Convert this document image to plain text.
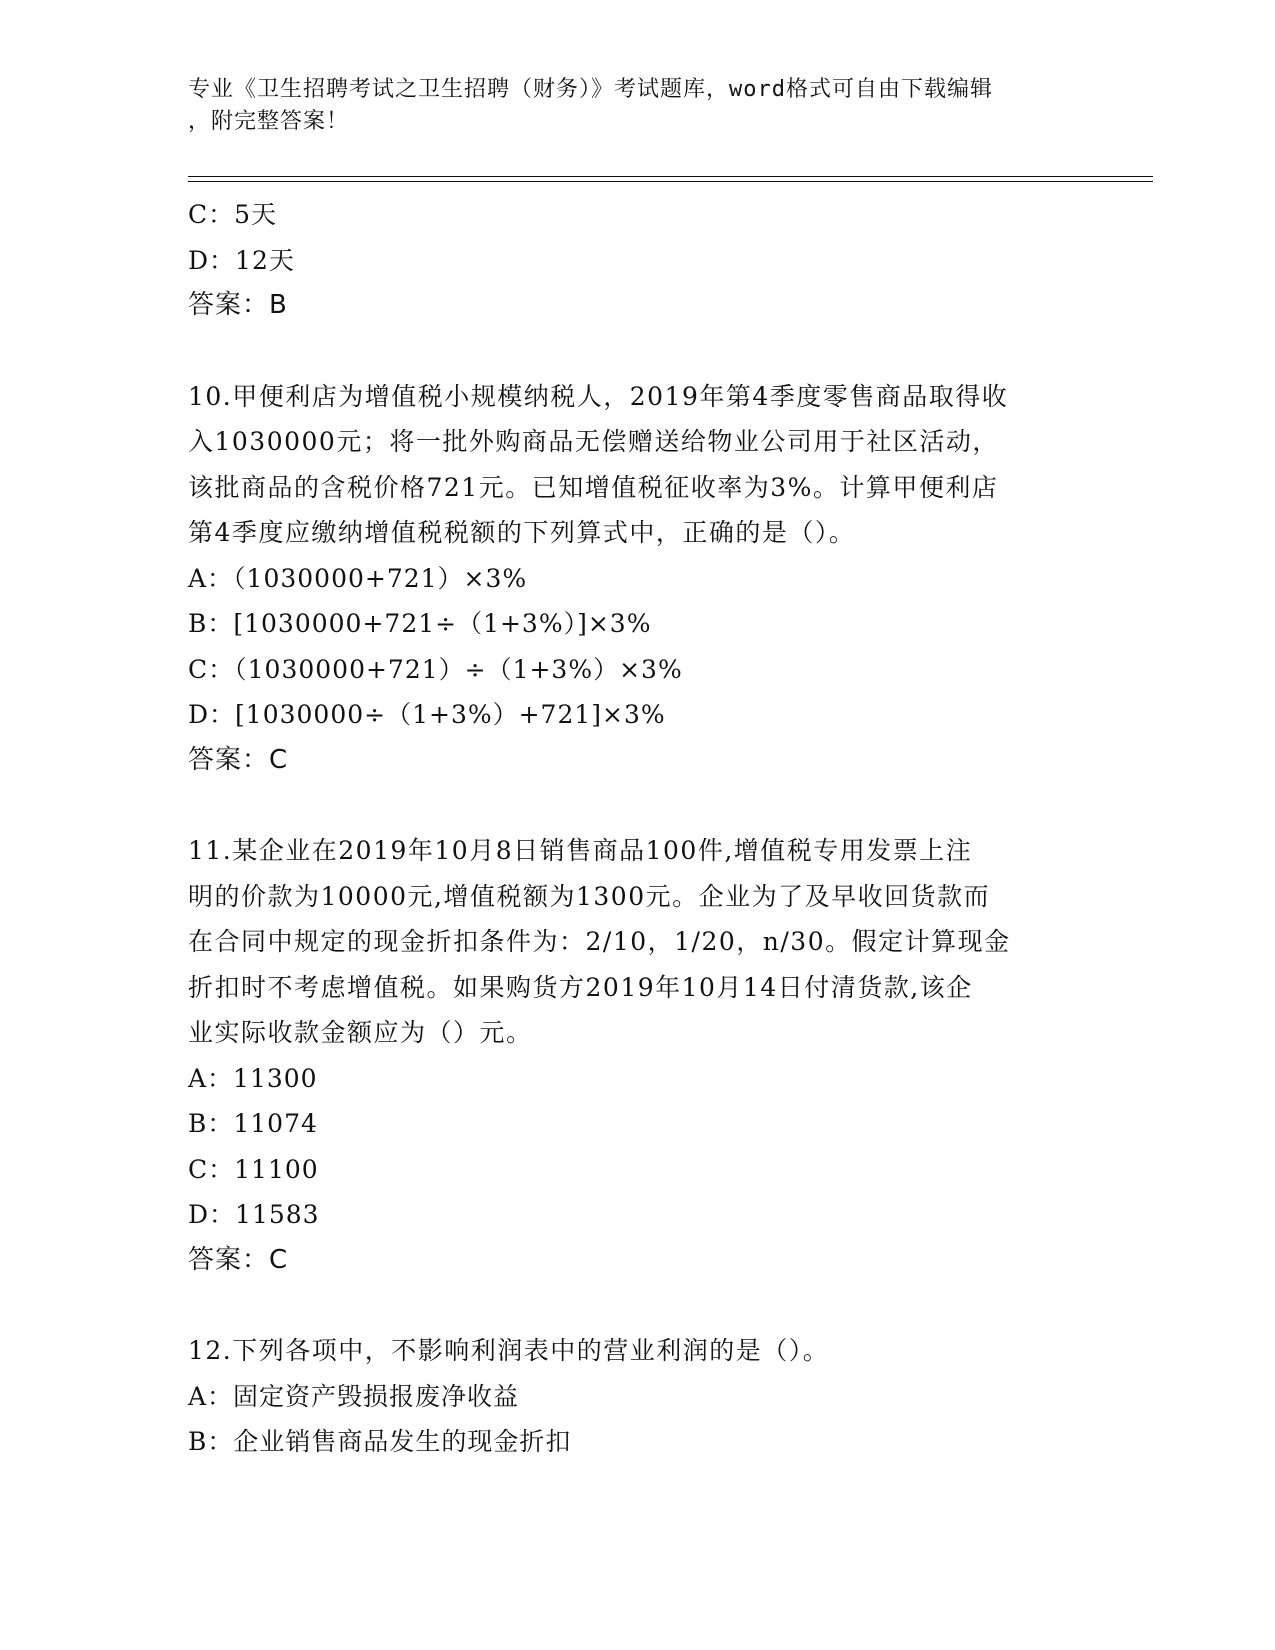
专业《卫生招聘考试之卫生招聘（财务）》考试题库，word格式可自由下载编辑
，附完整答案！
C：5天
D：12天
答案：B
10.甲便利店为增值税小规模纳税人，2019年第4季度零售商品取得收
入1030000元；将一批外购商品无偿赠送给物业公司用于社区活动，
该批商品的含税价格721元。已知增值税征收率为3%。计算甲便利店
第4季度应缴纳增值税税额的下列算式中，正确的是（）。
A：（1030000+721）×3%
B：[1030000+721÷（1+3%）]×3%
C：（1030000+721）÷（1+3%）×3%
D：[1030000÷（1+3%）+721]×3%
答案：C
11.某企业在2019年10月8日销售商品100件,增值税专用发票上注
明的价款为10000元,增值税额为1300元。企业为了及早收回货款而
在合同中规定的现金折扣条件为：2/10，1/20，n/30。假定计算现金
折扣时不考虑增值税。如果购货方2019年10月14日付清货款,该企
业实际收款金额应为（）元。
A：11300
B：11074
C：11100
D：11583
答案：C
12.下列各项中，不影响利润表中的营业利润的是（）。
A：固定资产毁损报废净收益
B：企业销售商品发生的现金折扣
